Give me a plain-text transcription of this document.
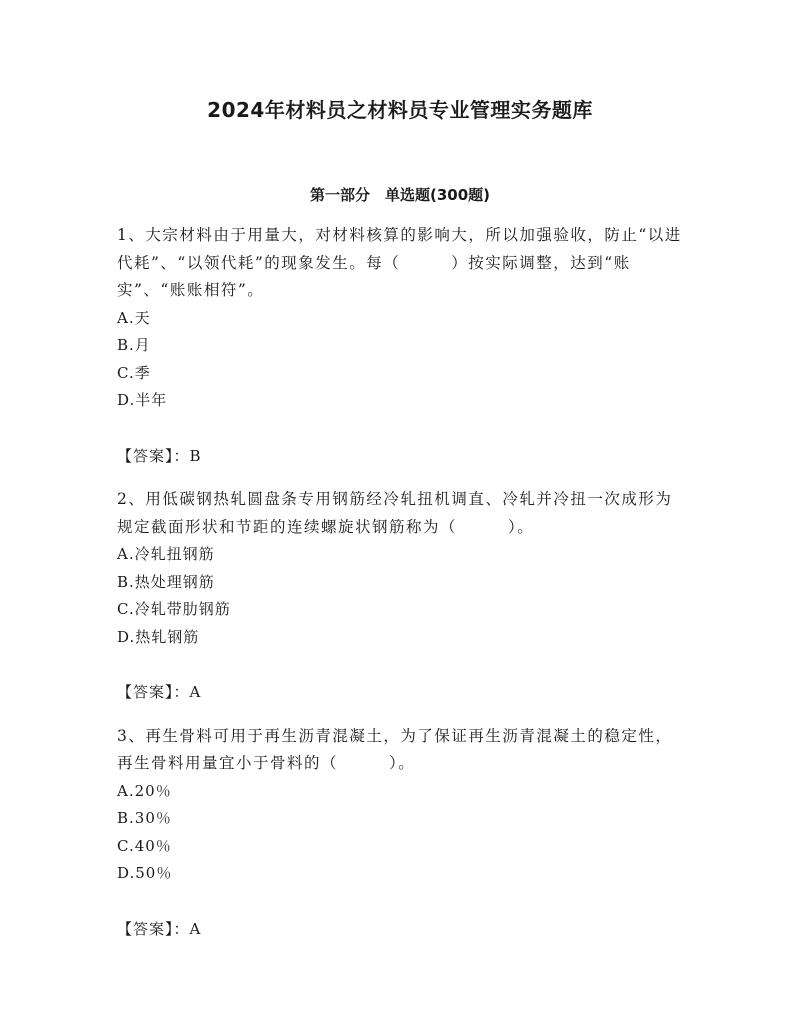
2024年材料员之材料员专业管理实务题库
第一部分　单选题(300题)

1、大宗材料由于用量大，对材料核算的影响大，所以加强验收，防止“以进代耗”、“以领代耗”的现象发生。每（　　　）按实际调整，达到“账实”、“账账相符”。

A.天

B.月

C.季

D.半年

【答案】：B

2、用低碳钢热轧圆盘条专用钢筋经冷轧扭机调直、冷轧并冷扭一次成形为规定截面形状和节距的连续螺旋状钢筋称为（　　　）。

A.冷轧扭钢筋

B.热处理钢筋

C.冷轧带肋钢筋

D.热轧钢筋

【答案】：A

3、再生骨料可用于再生沥青混凝土，为了保证再生沥青混凝土的稳定性，再生骨料用量宜小于骨料的（　　　）。

A.20％

B.30％

C.40％

D.50％

【答案】：A
